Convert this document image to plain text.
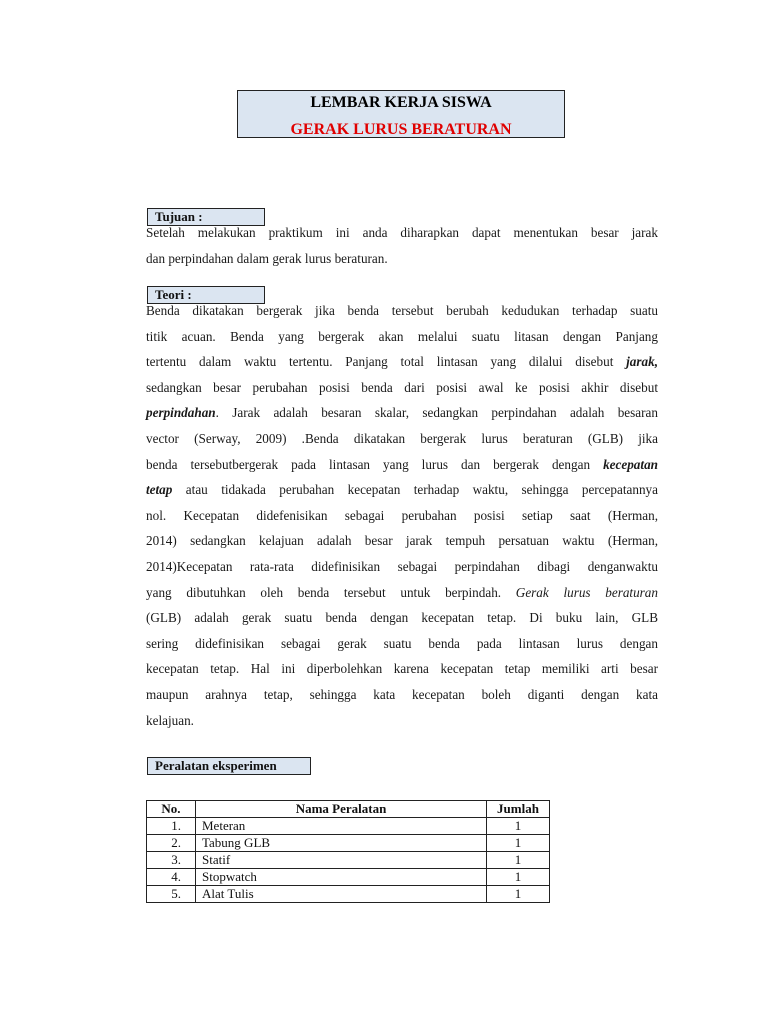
LEMBAR KERJA SISWA
GERAK LURUS BERATURAN
Tujuan :

Setelah melakukan praktikum ini anda diharapkan dapat menentukan besar jarak

dan perpindahan dalam gerak lurus beraturan.

Teori :

Benda dikatakan bergerak jika benda tersebut berubah kedudukan terhadap suatu

titik acuan. Benda yang bergerak akan melalui suatu litasan dengan Panjang

tertentu dalam waktu tertentu. Panjang total lintasan yang dilalui disebut jarak,

sedangkan besar perubahan posisi benda dari posisi awal ke posisi akhir disebut

perpindahan. Jarak adalah besaran skalar, sedangkan perpindahan adalah besaran

vector (Serway, 2009) .Benda dikatakan bergerak lurus beraturan (GLB) jika

benda tersebutbergerak pada lintasan yang lurus dan bergerak dengan kecepatan

tetap atau tidakada perubahan kecepatan terhadap waktu, sehingga percepatannya

nol. Kecepatan didefenisikan sebagai perubahan posisi setiap saat (Herman,

2014) sedangkan kelajuan adalah besar jarak tempuh persatuan waktu (Herman,

2014)Kecepatan rata-rata didefinisikan sebagai perpindahan dibagi denganwaktu

yang dibutuhkan oleh benda tersebut untuk berpindah. Gerak lurus beraturan

(GLB) adalah gerak suatu benda dengan kecepatan tetap. Di buku lain, GLB

sering didefinisikan sebagai gerak suatu benda pada lintasan lurus dengan

kecepatan tetap. Hal ini diperbolehkan karena kecepatan tetap memiliki arti besar

maupun arahnya tetap, sehingga kata kecepatan boleh diganti dengan kata

kelajuan.

Peralatan eksperimen
No.	Nama Peralatan	Jumlah
1.	Meteran	1
2.	Tabung GLB	1
3.	Statif	1
4.	Stopwatch	1
5.	Alat Tulis	1
